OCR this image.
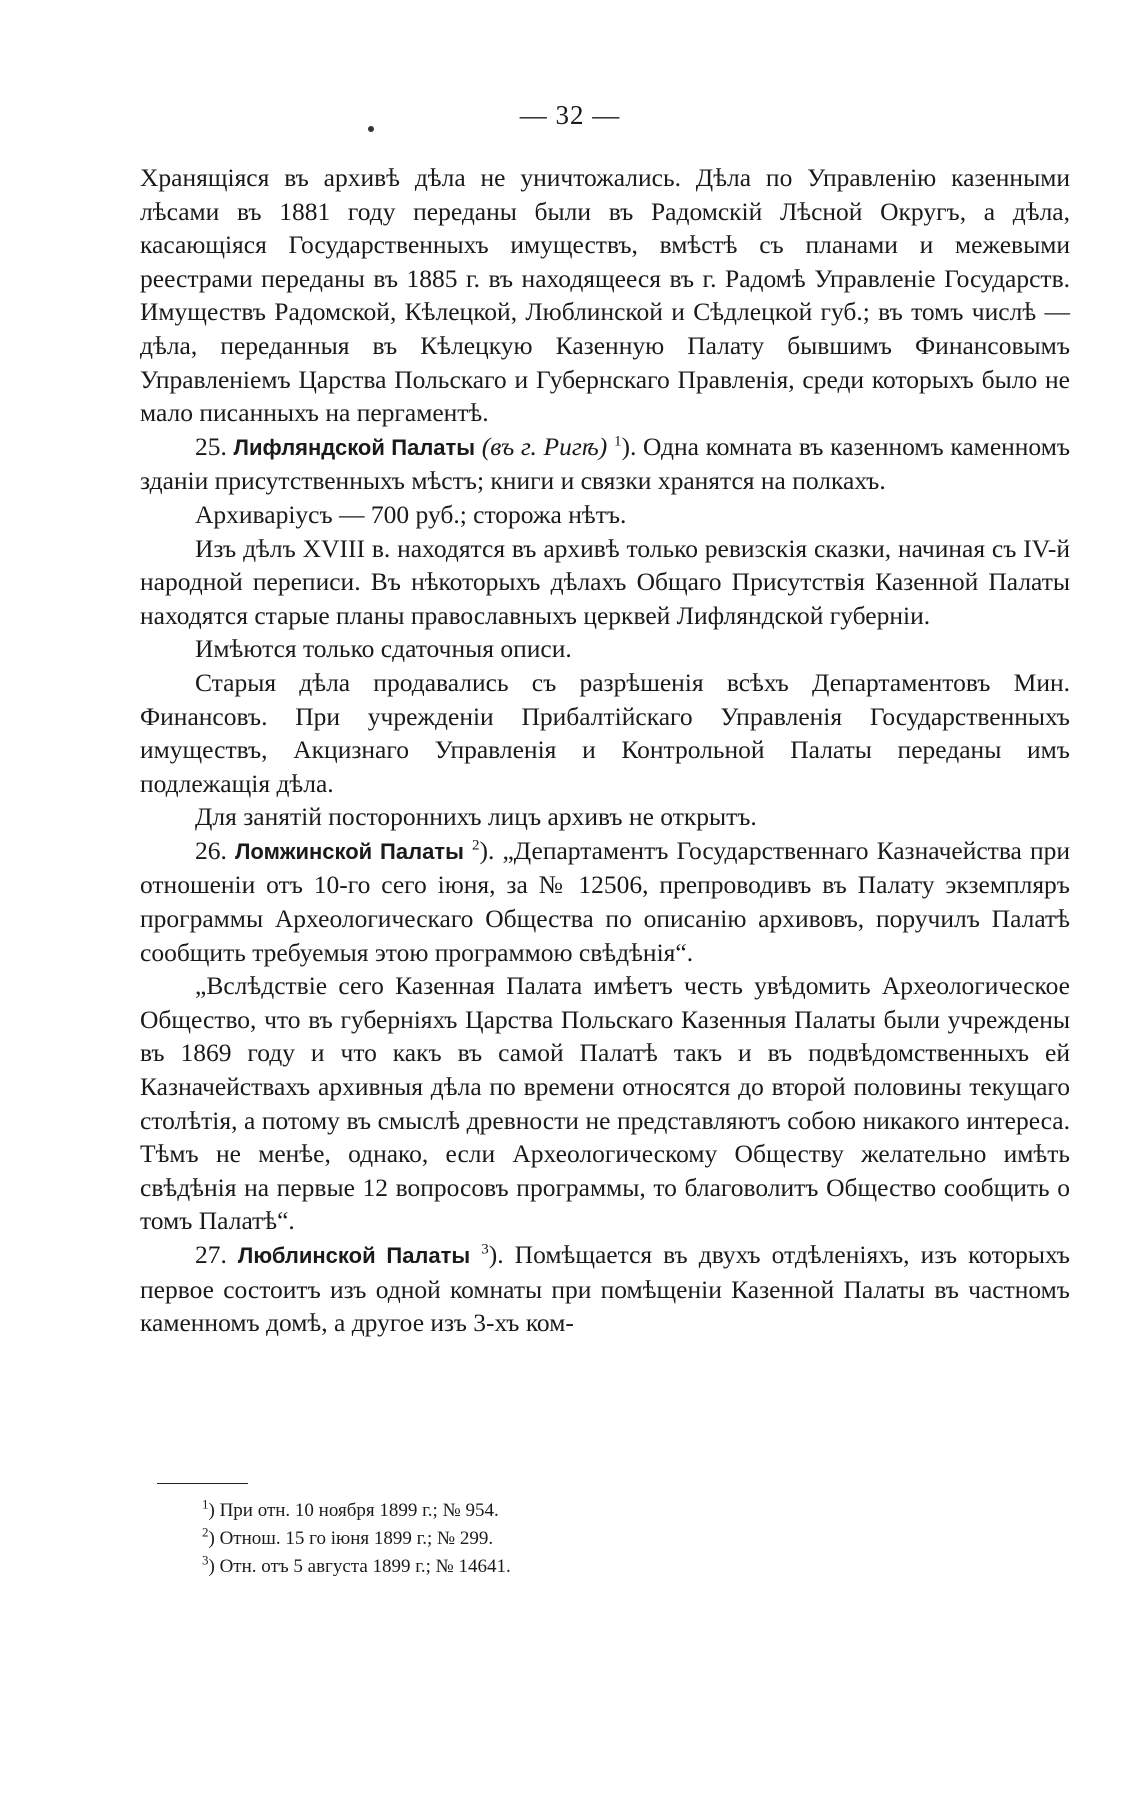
— 32 —

Хранящіяся въ архивѣ дѣла не уничтожались. Дѣла по Управленію казенными лѣсами въ 1881 году переданы были въ Радомскій Лѣсной Округъ, а дѣла, касающіяся Государственныхъ имуществъ, вмѣстѣ съ планами и межевыми реестрами переданы въ 1885 г. въ находящееся въ г. Радомѣ Управленіе Государств. Имуществъ Радомской, Кѣлецкой, Люблинской и Сѣдлецкой губ.; въ томъ числѣ — дѣла, переданныя въ Кѣлецкую Казенную Палату бывшимъ Финансовымъ Управленіемъ Царства Польскаго и Губернскаго Правленія, среди которыхъ было не мало писанныхъ на пергаментѣ.

25. Лифляндской Палаты (въ г. Ригѣ) $^1$). Одна комната въ казенномъ каменномъ зданіи присутственныхъ мѣстъ; книги и связки хранятся на полкахъ.

Архиваріусъ — 700 руб.; сторожа нѣтъ.

Изъ дѣлъ XVIII в. находятся въ архивѣ только ревизскія сказки, начиная съ IV-й народной переписи. Въ нѣкоторыхъ дѣлахъ Общаго Присутствія Казенной Палаты находятся старые планы православныхъ церквей Лифляндской губерніи.

Имѣются только сдаточныя описи.

Старыя дѣла продавались съ разрѣшенія всѣхъ Департаментовъ Мин. Финансовъ. При учрежденіи Прибалтійскаго Управленія Государственныхъ имуществъ, Акцизнаго Управленія и Контрольной Палаты переданы имъ подлежащія дѣла.

Для занятій постороннихъ лицъ архивъ не открытъ.

26. Ломжинской Палаты $^2$). „Департаментъ Государственнаго Казначейства при отношеніи отъ 10-го сего іюня, за № 12506, препроводивъ въ Палату экземпляръ программы Археологическаго Общества по описанію архивовъ, поручилъ Палатѣ сообщить требуемыя этою программою свѣдѣнія“.

„Вслѣдствіе сего Казенная Палата имѣетъ честь увѣдомить Археологическое Общество, что въ губерніяхъ Царства Польскаго Казенныя Палаты были учреждены въ 1869 году и что какъ въ самой Палатѣ такъ и въ подвѣдомственныхъ ей Казначействахъ архивныя дѣла по времени относятся до второй половины текущаго столѣтія, а потому въ смыслѣ древности не представляютъ собою никакого интереса. Тѣмъ не менѣе, однако, если Археологическому Обществу желательно имѣть свѣдѣнія на первые 12 вопросовъ программы, то благоволитъ Общество сообщить о томъ Палатѣ“.

27. Люблинской Палаты $^3$). Помѣщается въ двухъ отдѣленіяхъ, изъ которыхъ первое состоитъ изъ одной комнаты при помѣщеніи Казенной Палаты въ частномъ каменномъ домѣ, а другое изъ 3-хъ ком-

$^1$) При отн. 10 ноября 1899 г.; № 954.
$^2$) Отнош. 15 го іюня 1899 г.; № 299.
$^3$) Отн. отъ 5 августа 1899 г.; № 14641.
